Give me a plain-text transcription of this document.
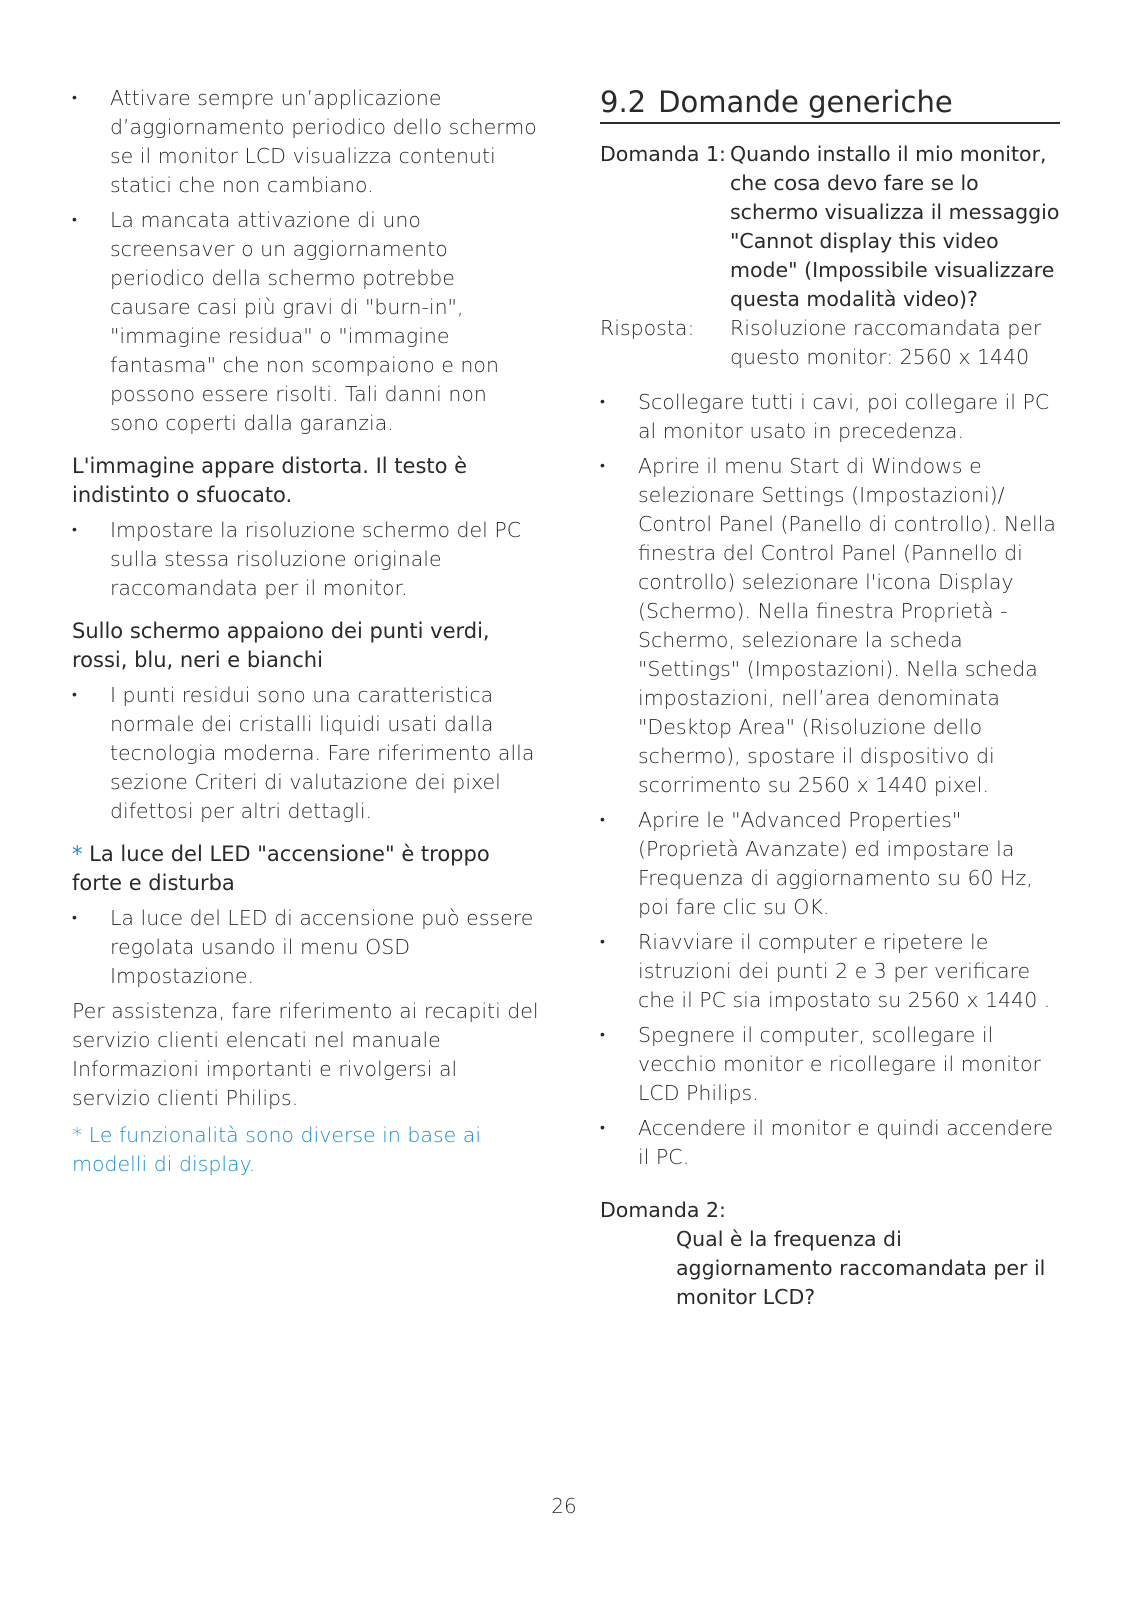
• Attivare sempre un’applicazione d’aggiornamento periodico dello schermo se il monitor LCD visualizza contenuti statici che non cambiano.
• La mancata attivazione di uno screensaver o un aggiornamento periodico della schermo potrebbe causare casi più gravi di "burn-in", "immagine residua" o "immagine fantasma" che non scompaiono e non possono essere risolti. Tali danni non sono coperti dalla garanzia.
L'immagine appare distorta. Il testo è indistinto o sfuocato.
• Impostare la risoluzione schermo del PC sulla stessa risoluzione originale raccomandata per il monitor.
Sullo schermo appaiono dei punti verdi, rossi, blu, neri e bianchi
• I punti residui sono una caratteristica normale dei cristalli liquidi usati dalla tecnologia moderna. Fare riferimento alla sezione Criteri di valutazione dei pixel difettosi per altri dettagli.
* La luce del LED "accensione" è troppo forte e disturba
• La luce del LED di accensione può essere regolata usando il menu OSD Impostazione.

Per assistenza, fare riferimento ai recapiti del servizio clienti elencati nel manuale Informazioni importanti e rivolgersi al servizio clienti Philips.

* Le funzionalità sono diverse in base ai modelli di display.

9.2 Domande generiche
Domanda 1: Quando installo il mio monitor, che cosa devo fare se lo schermo visualizza il messaggio "Cannot display this video mode" (Impossibile visualizzare questa modalità video)?
Risposta:	Risoluzione raccomandata per questo monitor: 2560 x 1440
• Scollegare tutti i cavi, poi collegare il PC al monitor usato in precedenza.
• Aprire il menu Start di Windows e selezionare Settings (Impostazioni)/ Control Panel (Panello di controllo). Nella finestra del Control Panel (Pannello di controllo) selezionare l'icona Display (Schermo). Nella finestra Proprietà - Schermo, selezionare la scheda "Settings" (Impostazioni). Nella scheda impostazioni, nell’area denominata "Desktop Area" (Risoluzione dello schermo), spostare il dispositivo di scorrimento su 2560 x 1440 pixel.
• Aprire le "Advanced Properties" (Proprietà Avanzate) ed impostare la Frequenza di aggiornamento su 60 Hz, poi fare clic su OK.
• Riavviare il computer e ripetere le istruzioni dei punti 2 e 3 per verificare che il PC sia impostato su 2560 x 1440 .
• Spegnere il computer, scollegare il vecchio monitor e ricollegare il monitor LCD Philips.
• Accendere il monitor e quindi accendere il PC.
Domanda 2:
Qual è la frequenza di aggiornamento raccomandata per il monitor LCD?
26
